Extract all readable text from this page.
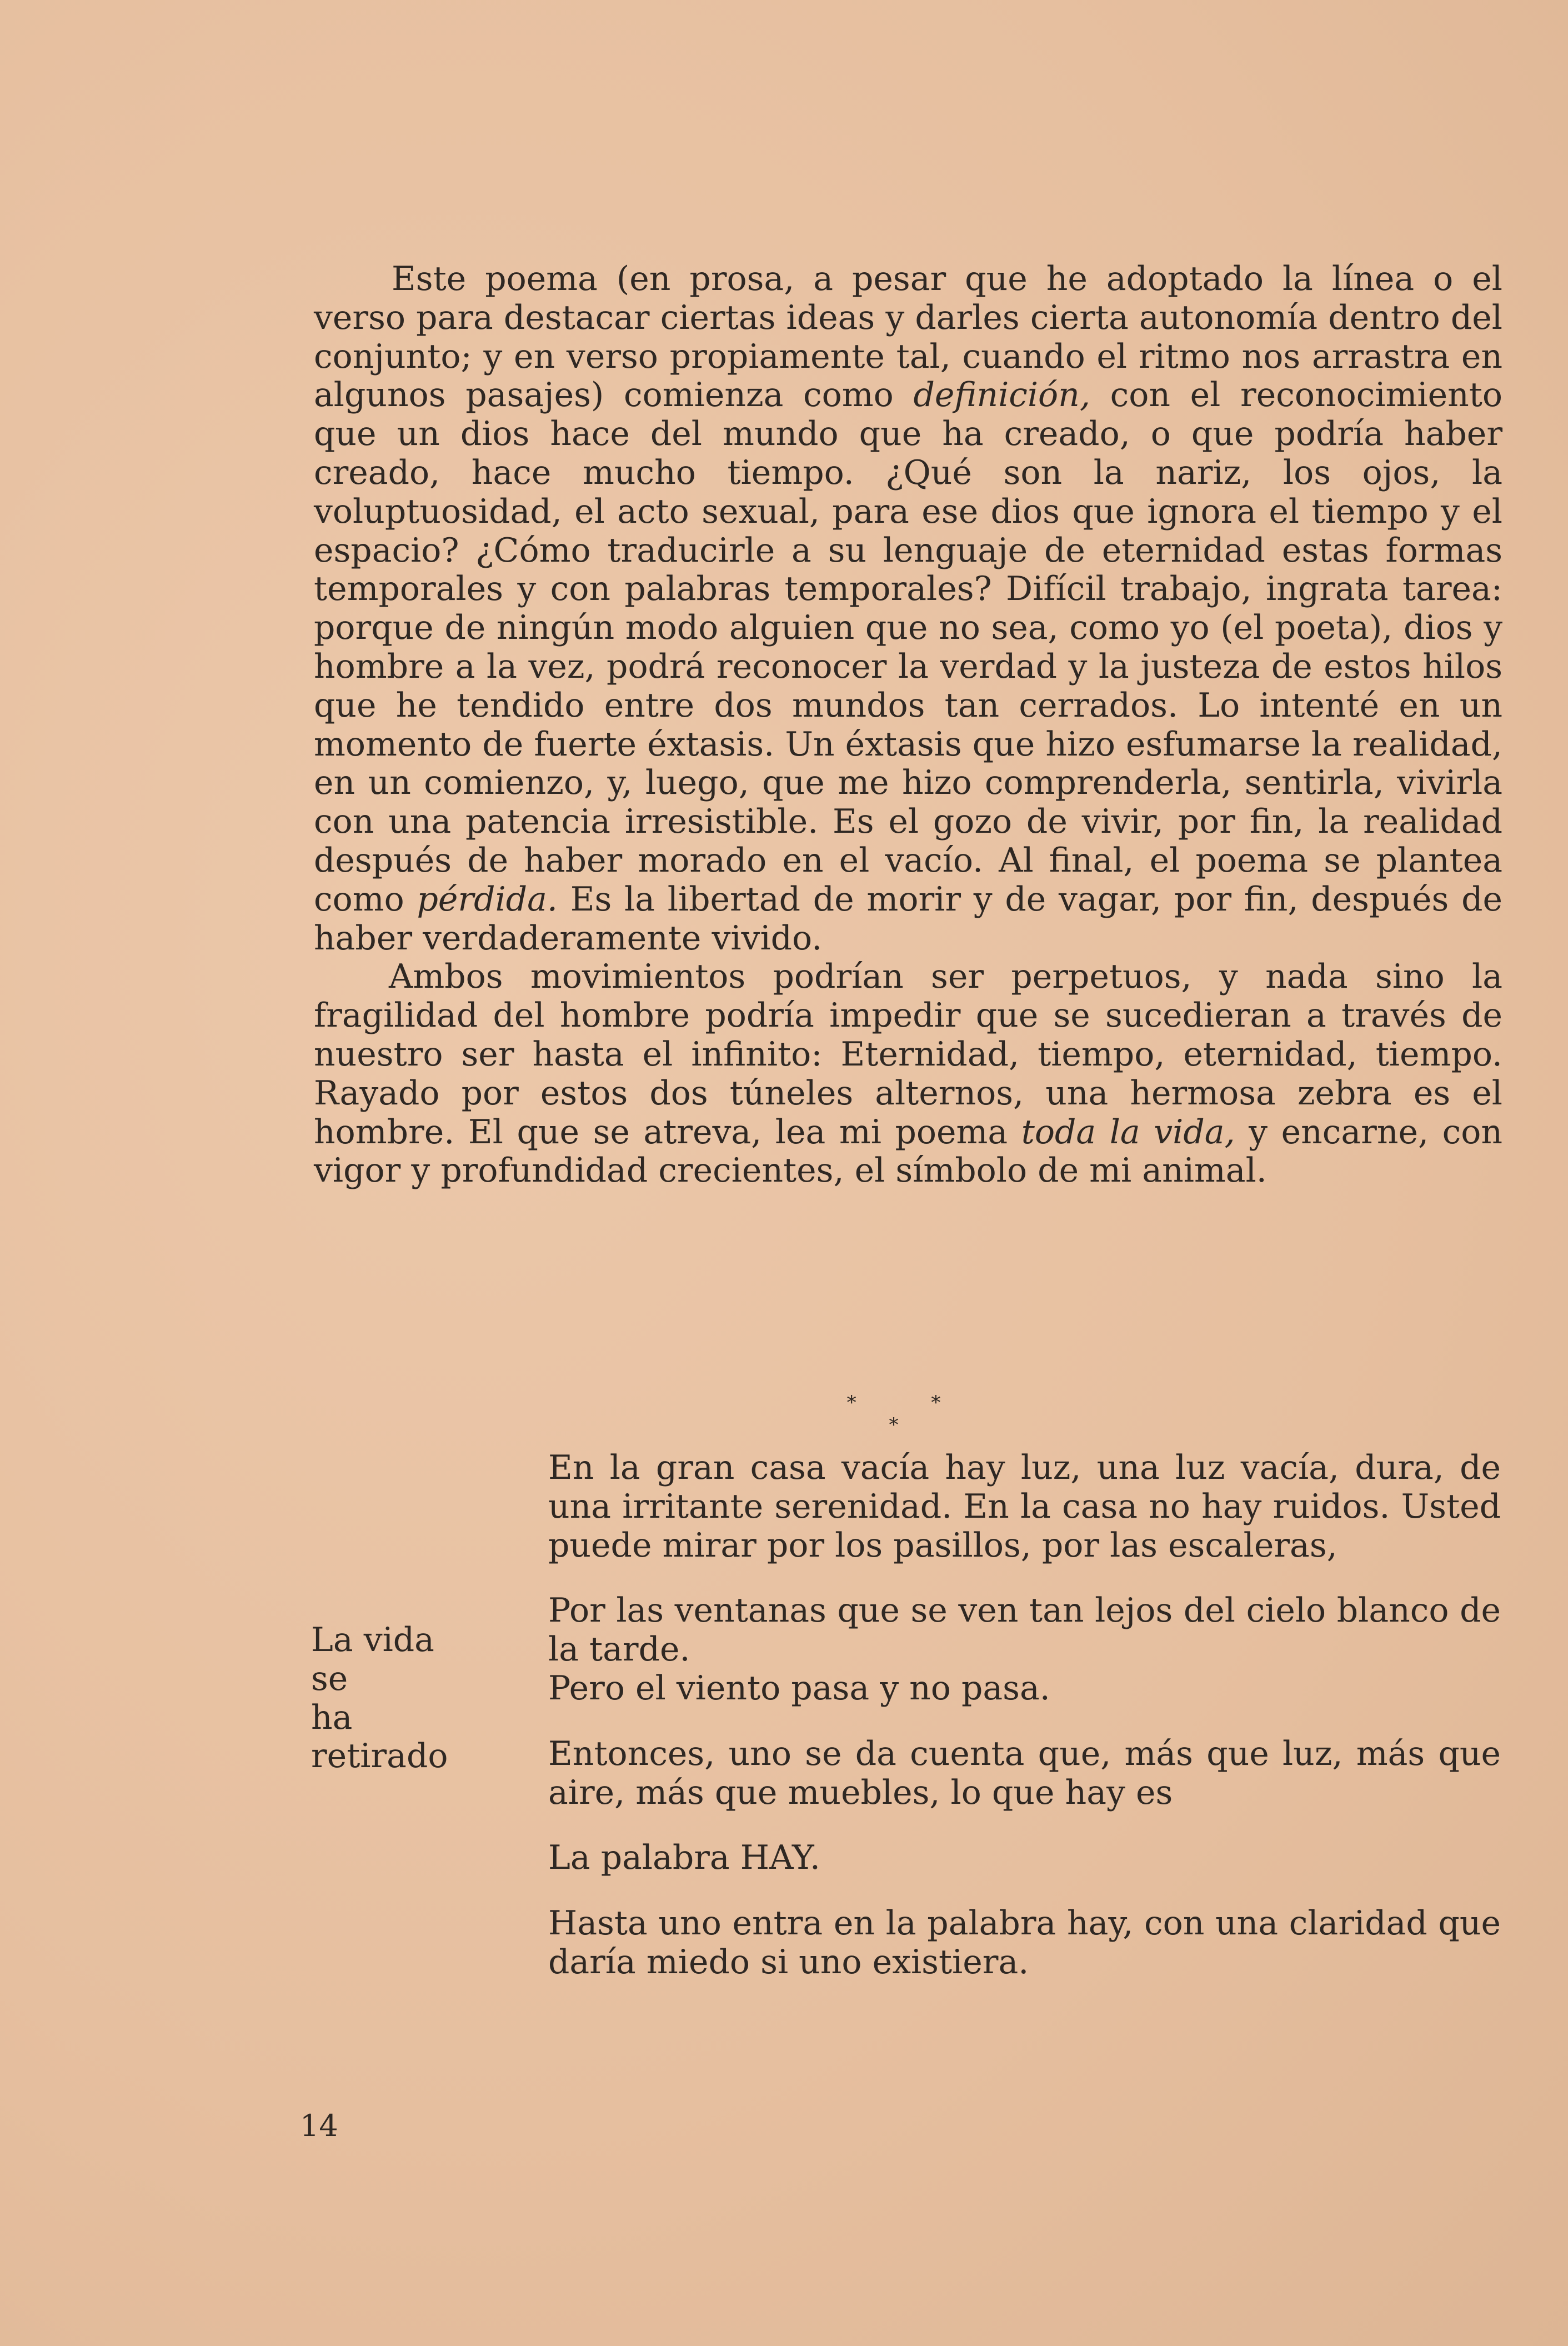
Este poema (en prosa, a pesar que he adoptado la línea o el verso para destacar ciertas ideas y darles cierta autonomía dentro del conjunto; y en verso propiamente tal, cuando el ritmo nos arrastra en algunos pasajes) comienza como definición, con el reconocimiento que un dios hace del mundo que ha creado, o que podría haber creado, hace mucho tiempo. ¿Qué son la nariz, los ojos, la voluptuosidad, el acto sexual, para ese dios que ignora el tiempo y el espacio? ¿Cómo traducirle a su lenguaje de eternidad estas formas temporales y con palabras temporales? Difícil trabajo, ingrata tarea: porque de ningún modo alguien que no sea, como yo (el poeta), dios y hombre a la vez, podrá reconocer la verdad y la justeza de estos hilos que he tendido entre dos mundos tan cerrados. Lo intenté en un momento de fuerte éxtasis. Un éxtasis que hizo esfumarse la realidad, en un comienzo, y, luego, que me hizo comprenderla, sentirla, vivirla con una patencia irresistible. Es el gozo de vivir, por fin, la realidad después de haber morado en el vacío. Al final, el poema se plantea como pérdida. Es la libertad de morir y de vagar, por fin, después de haber verdaderamente vivido.

Ambos movimientos podrían ser perpetuos, y nada sino la fragilidad del hombre podría impedir que se sucedieran a través de nuestro ser hasta el infinito: Eternidad, tiempo, eternidad, tiempo. Rayado por estos dos túneles alternos, una hermosa zebra es el hombre. El que se atreva, lea mi poema toda la vida, y encarne, con vigor y profundidad crecientes, el símbolo de mi animal.

* * *
La vida
se
ha
retirado

En la gran casa vacía hay luz, una luz vacía, dura, de una irritante serenidad. En la casa no hay ruidos. Usted puede mirar por los pasillos, por las escaleras,

Por las ventanas que se ven tan lejos del cielo blanco de la tarde.

Pero el viento pasa y no pasa.

Entonces, uno se da cuenta que, más que luz, más que aire, más que muebles, lo que hay es

La palabra HAY.

Hasta uno entra en la palabra hay, con una claridad que daría miedo si uno existiera.

14
